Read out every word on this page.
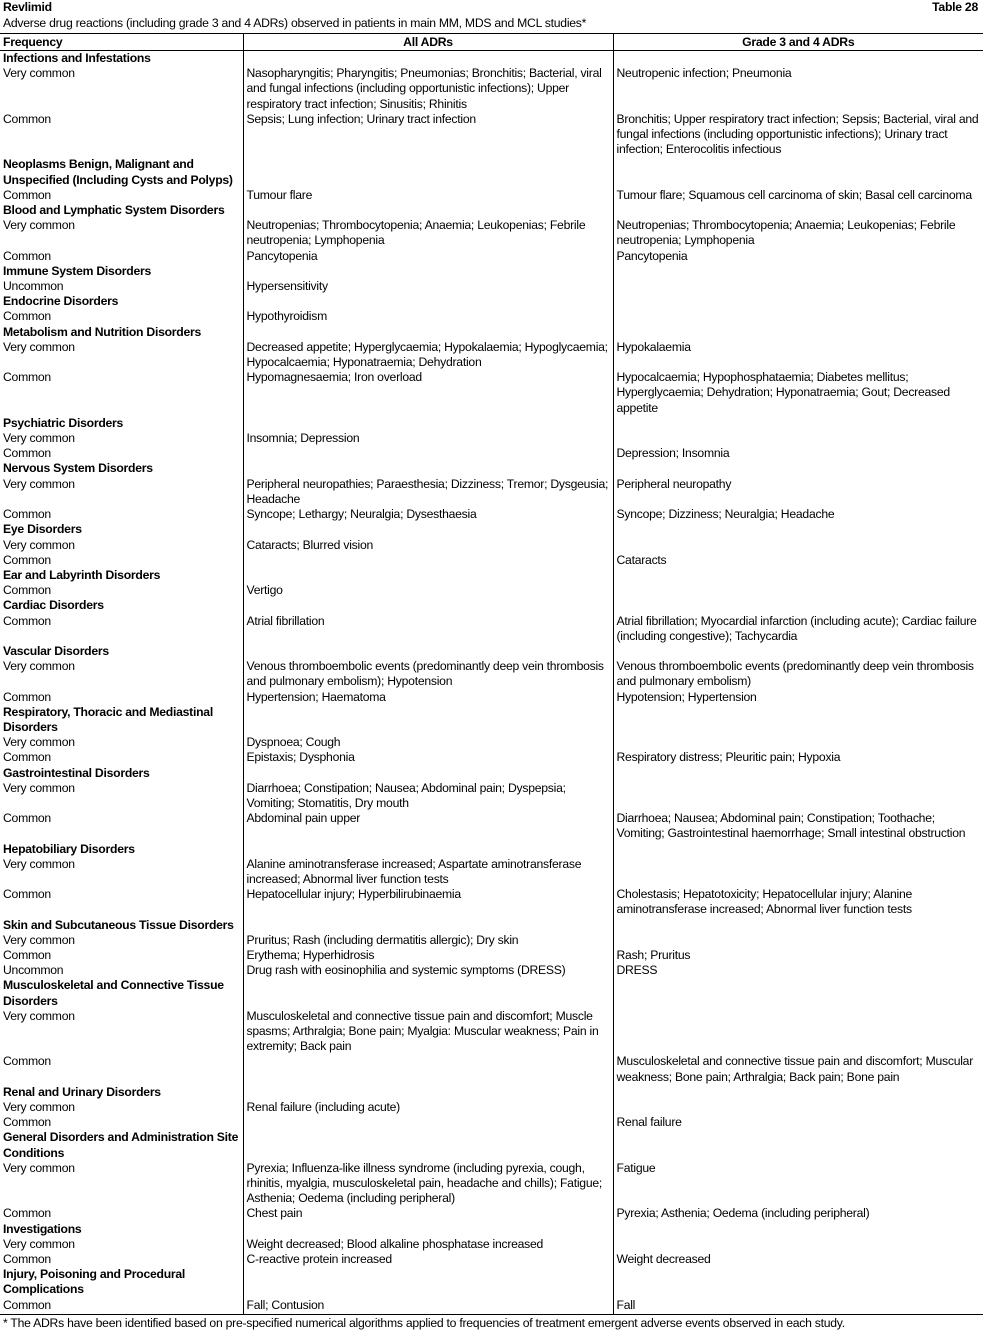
Revlimid	Table 28
Adverse drug reactions (including grade 3 and 4 ADRs) observed in patients in main MM, MDS and MCL studies*
Frequency	All ADRs	Grade 3 and 4 ADRs
Infections and Infestations		
Very common	Nasopharyngitis; Pharyngitis; Pneumonias; Bronchitis; Bacterial, viral and fungal infections (including opportunistic infections); Upper respiratory tract infection; Sinusitis; Rhinitis	Neutropenic infection; Pneumonia
Common	Sepsis; Lung infection; Urinary tract infection	Bronchitis; Upper respiratory tract infection; Sepsis; Bacterial, viral and fungal infections (including opportunistic infections); Urinary tract infection; Enterocolitis infectious
Neoplasms Benign, Malignant and Unspecified (Including Cysts and Polyps)		
Common	Tumour flare	Tumour flare; Squamous cell carcinoma of skin; Basal cell carcinoma
Blood and Lymphatic System Disorders		
Very common	Neutropenias; Thrombocytopenia; Anaemia; Leukopenias; Febrile neutropenia; Lymphopenia	Neutropenias; Thrombocytopenia; Anaemia; Leukopenias; Febrile neutropenia; Lymphopenia
Common	Pancytopenia	Pancytopenia
Immune System Disorders		
Uncommon	Hypersensitivity	
Endocrine Disorders		
Common	Hypothyroidism	
Metabolism and Nutrition Disorders		
Very common	Decreased appetite; Hyperglycaemia; Hypokalaemia; Hypoglycaemia; Hypocalcaemia; Hyponatraemia; Dehydration	Hypokalaemia
Common	Hypomagnesaemia; Iron overload	Hypocalcaemia; Hypophosphataemia; Diabetes mellitus; Hyperglycaemia; Dehydration; Hyponatraemia; Gout; Decreased appetite
Psychiatric Disorders		
Very common	Insomnia; Depression	
Common		Depression; Insomnia
Nervous System Disorders		
Very common	Peripheral neuropathies; Paraesthesia; Dizziness; Tremor; Dysgeusia; Headache	Peripheral neuropathy
Common	Syncope; Lethargy; Neuralgia; Dysesthaesia	Syncope; Dizziness; Neuralgia; Headache
Eye Disorders		
Very common	Cataracts; Blurred vision	
Common		Cataracts
Ear and Labyrinth Disorders		
Common	Vertigo	
Cardiac Disorders		
Common	Atrial fibrillation	Atrial fibrillation; Myocardial infarction (including acute); Cardiac failure (including congestive); Tachycardia
Vascular Disorders		
Very common	Venous thromboembolic events (predominantly deep vein thrombosis and pulmonary embolism); Hypotension	Venous thromboembolic events (predominantly deep vein thrombosis and pulmonary embolism)
Common	Hypertension; Haematoma	Hypotension; Hypertension
Respiratory, Thoracic and Mediastinal Disorders		
Very common	Dyspnoea; Cough	
Common	Epistaxis; Dysphonia	Respiratory distress; Pleuritic pain; Hypoxia
Gastrointestinal Disorders		
Very common	Diarrhoea; Constipation; Nausea; Abdominal pain; Dyspepsia; Vomiting; Stomatitis, Dry mouth	
Common	Abdominal pain upper	Diarrhoea; Nausea; Abdominal pain; Constipation; Toothache; Vomiting; Gastrointestinal haemorrhage; Small intestinal obstruction
Hepatobiliary Disorders		
Very common	Alanine aminotransferase increased; Aspartate aminotransferase increased; Abnormal liver function tests	
Common	Hepatocellular injury; Hyperbilirubinaemia	Cholestasis; Hepatotoxicity; Hepatocellular injury; Alanine aminotransferase increased; Abnormal liver function tests
Skin and Subcutaneous Tissue Disorders		
Very common	Pruritus; Rash (including dermatitis allergic); Dry skin	
Common	Erythema; Hyperhidrosis	Rash; Pruritus
Uncommon	Drug rash with eosinophilia and systemic symptoms (DRESS)	DRESS
Musculoskeletal and Connective Tissue Disorders		
Very common	Musculoskeletal and connective tissue pain and discomfort; Muscle spasms; Arthralgia; Bone pain; Myalgia: Muscular weakness; Pain in extremity; Back pain	
Common		Musculoskeletal and connective tissue pain and discomfort; Muscular weakness; Bone pain; Arthralgia; Back pain; Bone pain
Renal and Urinary Disorders		
Very common	Renal failure (including acute)	
Common		Renal failure
General Disorders and Administration Site Conditions		
Very common	Pyrexia; Influenza-like illness syndrome (including pyrexia, cough, rhinitis, myalgia, musculoskeletal pain, headache and chills); Fatigue; Asthenia; Oedema (including peripheral)	Fatigue
Common	Chest pain	Pyrexia; Asthenia; Oedema (including peripheral)
Investigations		
Very common	Weight decreased; Blood alkaline phosphatase increased	
Common	C-reactive protein increased	Weight decreased
Injury, Poisoning and Procedural Complications		
Common	Fall; Contusion	Fall
* The ADRs have been identified based on pre-specified numerical algorithms applied to frequencies of treatment emergent adverse events observed in each study.
